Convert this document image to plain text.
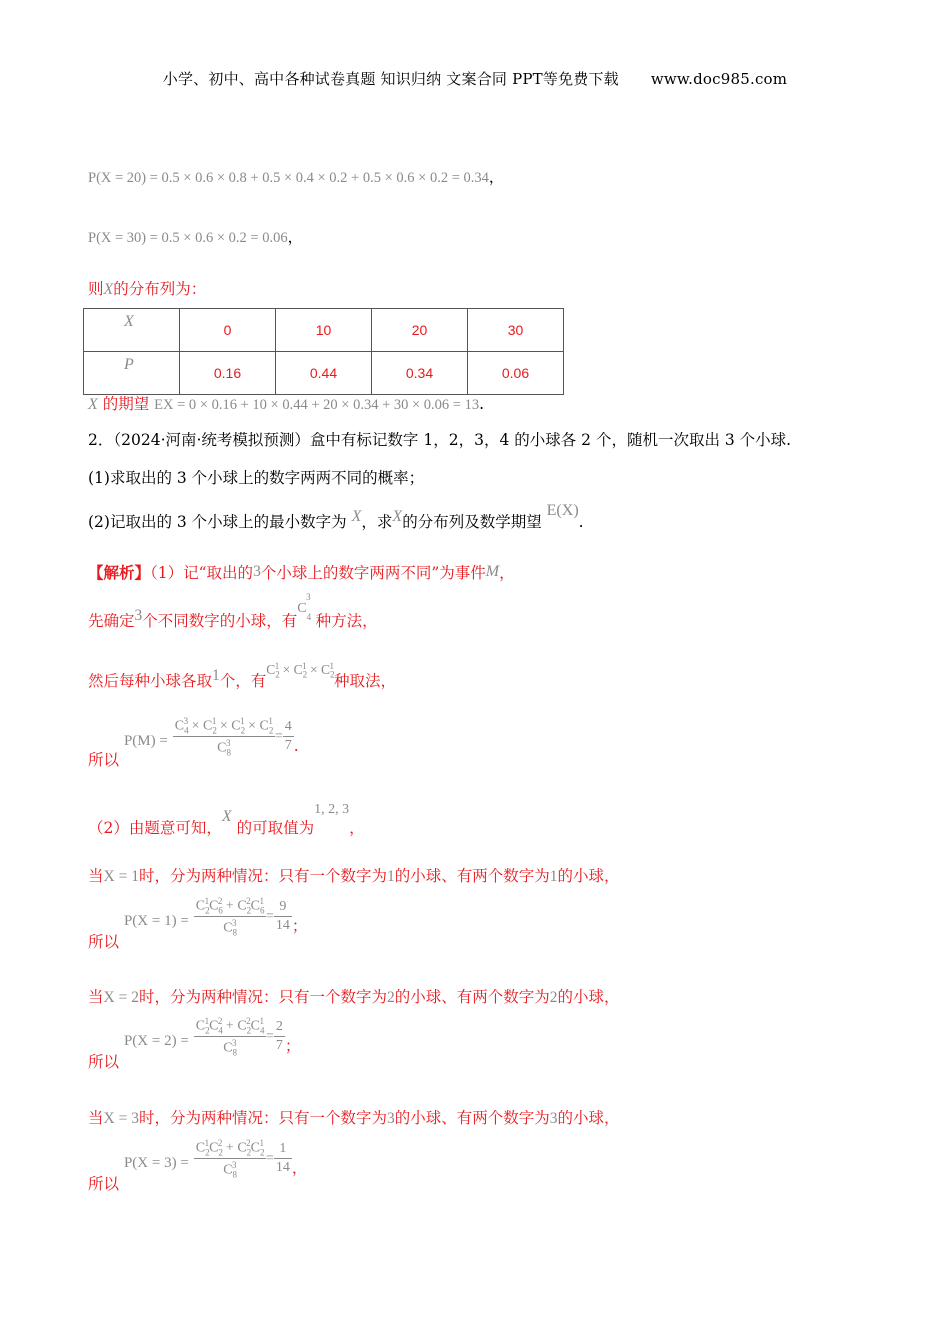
小学、初中、高中各种试卷真题 知识归纳 文案合同 PPT等免费下载 www.doc985.com
P(X = 20) = 0.5 × 0.6 × 0.8 + 0.5 × 0.4 × 0.2 + 0.5 × 0.6 × 0.2 = 0.34，
P(X = 30) = 0.5 × 0.6 × 0.2 = 0.06，
则X的分布列为：
X	0	10	20	30
P	0.16	0.44	0.34	0.06
X 的期望 EX = 0 × 0.16 + 10 × 0.44 + 20 × 0.34 + 30 × 0.06 = 13.
2．（2024·河南·统考模拟预测）盒中有标记数字 1，2，3，4 的小球各 2 个，随机一次取出 3 个小球.
(1)求取出的 3 个小球上的数字两两不同的概率；
(2)记取出的 3 个小球上的最小数字为 X，求X的分布列及数学期望 E(X).
【解析】（1）记“取出的3个小球上的数字两两不同”为事件M，
先确定3个不同数字的小球，有$C_4^3$种方法，
然后每种小球各取1个，有$C_2^1 \times C_2^1 \times C_2^1$种取法，
所以 $P(M) = \frac{C_4^3 \times C_2^1 \times C_2^1 \times C_2^1}{C_8^3} = \frac{4}{7}$ .
（2）由题意可知，X 的可取值为1, 2, 3，
当X = 1时，分为两种情况：只有一个数字为1的小球、有两个数字为1的小球，
所以 $P(X = 1) = \frac{C_2^1C_6^2 + C_2^2C_6^1}{C_8^3} = \frac{9}{14}$ ；
当X = 2时，分为两种情况：只有一个数字为2的小球、有两个数字为2的小球，
所以 $P(X = 2) = \frac{C_2^1C_4^2 + C_2^2C_4^1}{C_8^3} = \frac{2}{7}$ ；
当X = 3时，分为两种情况：只有一个数字为3的小球、有两个数字为3的小球，
所以 $P(X = 3) = \frac{C_2^1C_2^2 + C_2^2C_2^1}{C_8^3} = \frac{1}{14}$ ，
